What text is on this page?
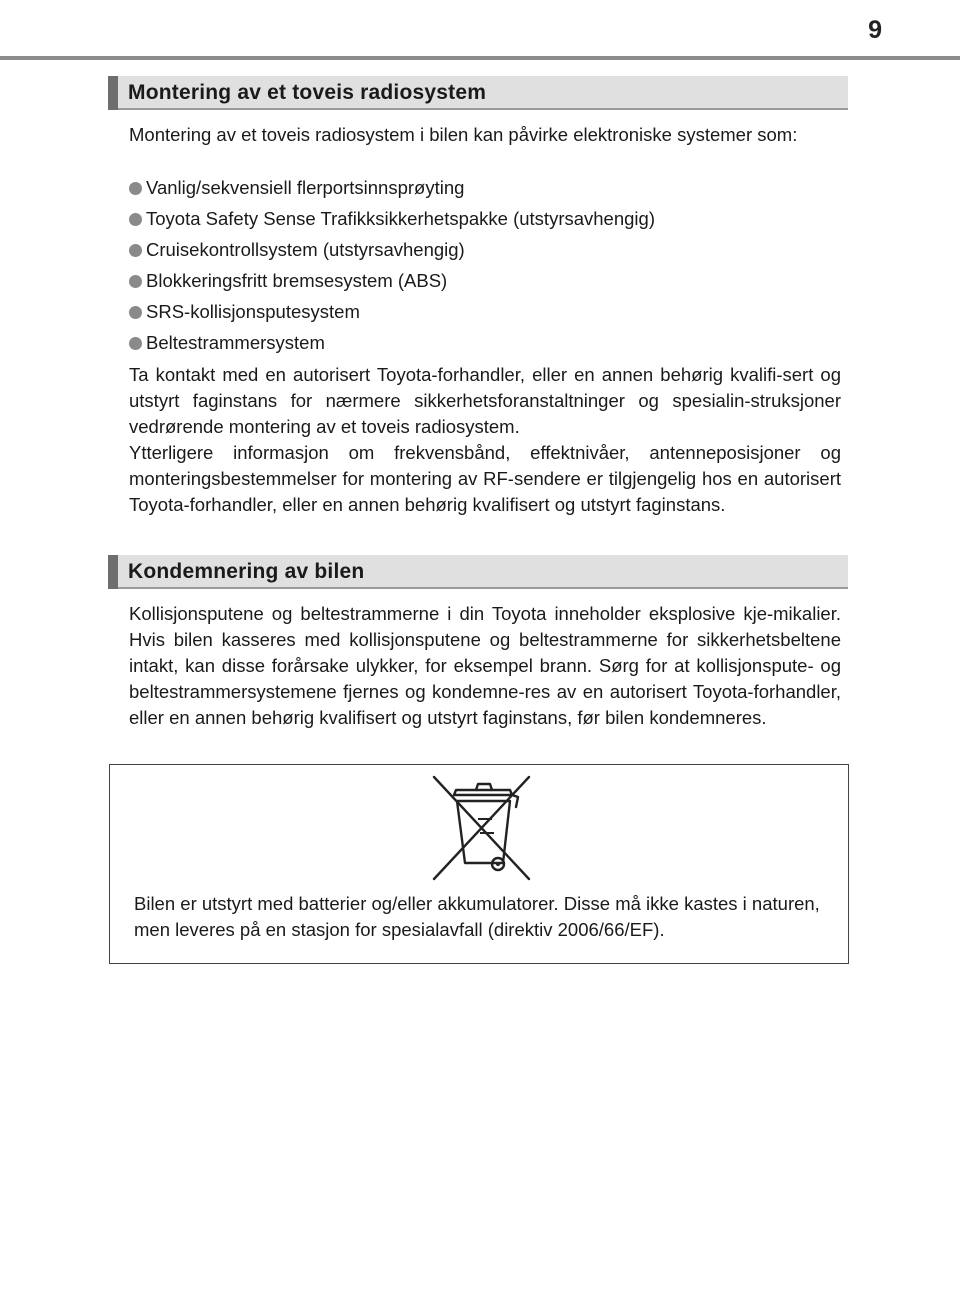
9
Montering av et toveis radiosystem
Montering av et toveis radiosystem i bilen kan påvirke elektroniske systemer som:
Vanlig/sekvensiell flerportsinnsprøyting
Toyota Safety Sense Trafikksikkerhetspakke (utstyrsavhengig)
Cruisekontrollsystem (utstyrsavhengig)
Blokkeringsfritt bremsesystem (ABS)
SRS-kollisjonsputesystem
Beltestrammersystem
Ta kontakt med en autorisert Toyota-forhandler, eller en annen behørig kvalifi-sert og utstyrt faginstans for nærmere sikkerhetsforanstaltninger og spesialin-struksjoner vedrørende montering av et toveis radiosystem.
Ytterligere informasjon om frekvensbånd, effektnivåer, antenneposisjoner og monteringsbestemmelser for montering av RF-sendere er tilgjengelig hos en autorisert Toyota-forhandler, eller en annen behørig kvalifisert og utstyrt faginstans.
Kondemnering av bilen
Kollisjonsputene og beltestrammerne i din Toyota inneholder eksplosive kje-mikalier. Hvis bilen kasseres med kollisjonsputene og beltestrammerne for sikkerhetsbeltene intakt, kan disse forårsake ulykker, for eksempel brann. Sørg for at kollisjonspute- og beltestrammersystemene fjernes og kondemne-res av en autorisert Toyota-forhandler, eller en annen behørig kvalifisert og utstyrt faginstans, før bilen kondemneres.
Bilen er utstyrt med batterier og/eller akkumulatorer. Disse må ikke kastes i naturen, men leveres på en stasjon for spesialavfall (direktiv 2006/66/EF).
